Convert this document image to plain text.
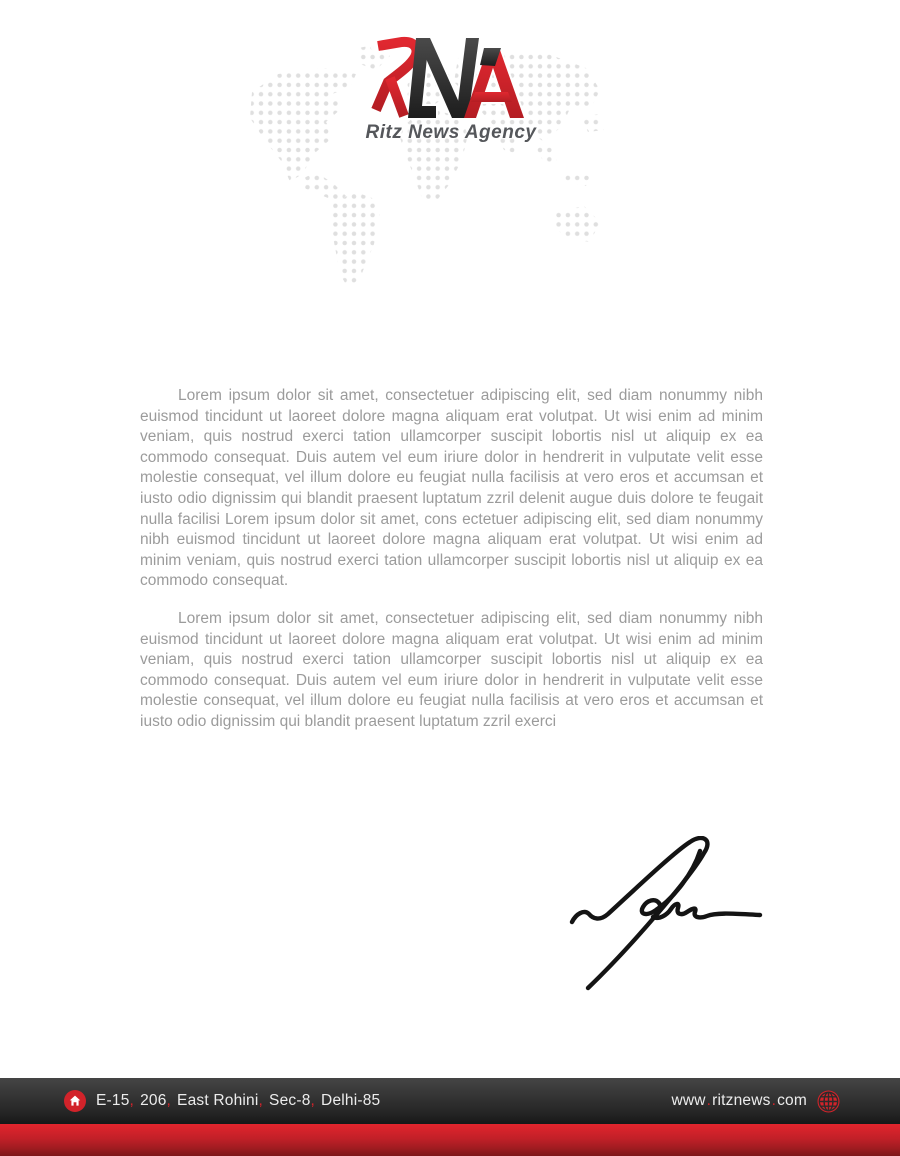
Ritz News Agency

Lorem ipsum dolor sit amet, consectetuer adipiscing elit, sed diam nonummy nibh euismod tincidunt ut laoreet dolore magna aliquam erat volutpat. Ut wisi enim ad minim veniam, quis nostrud exerci tation ullamcorper suscipit lobortis nisl ut aliquip ex ea commodo consequat. Duis autem vel eum iriure dolor in hendrerit in vulputate velit esse molestie consequat, vel illum dolore eu feugiat nulla facilisis at vero eros et accumsan et iusto odio dignissim qui blandit praesent luptatum zzril delenit augue duis dolore te feugait nulla facilisi Lorem ipsum dolor sit amet, cons ectetuer adipiscing elit, sed diam nonummy nibh euismod tincidunt ut laoreet dolore magna aliquam erat volutpat. Ut wisi enim ad minim veniam, quis nostrud exerci tation ullamcorper suscipit lobortis nisl ut aliquip ex ea commodo consequat.

Lorem ipsum dolor sit amet, consectetuer adipiscing elit, sed diam nonummy nibh euismod tincidunt ut laoreet dolore magna aliquam erat volutpat. Ut wisi enim ad minim veniam, quis nostrud exerci tation ullamcorper suscipit lobortis nisl ut aliquip ex ea commodo consequat. Duis autem vel eum iriure dolor in hendrerit in vulputate velit esse molestie consequat, vel illum dolore eu feugiat nulla facilisis at vero eros et accumsan et iusto odio dignissim qui blandit praesent luptatum zzril exerci

E-15 , 206 , East Rohini , Sec-8 , Delhi-85	www . ritznews . com
